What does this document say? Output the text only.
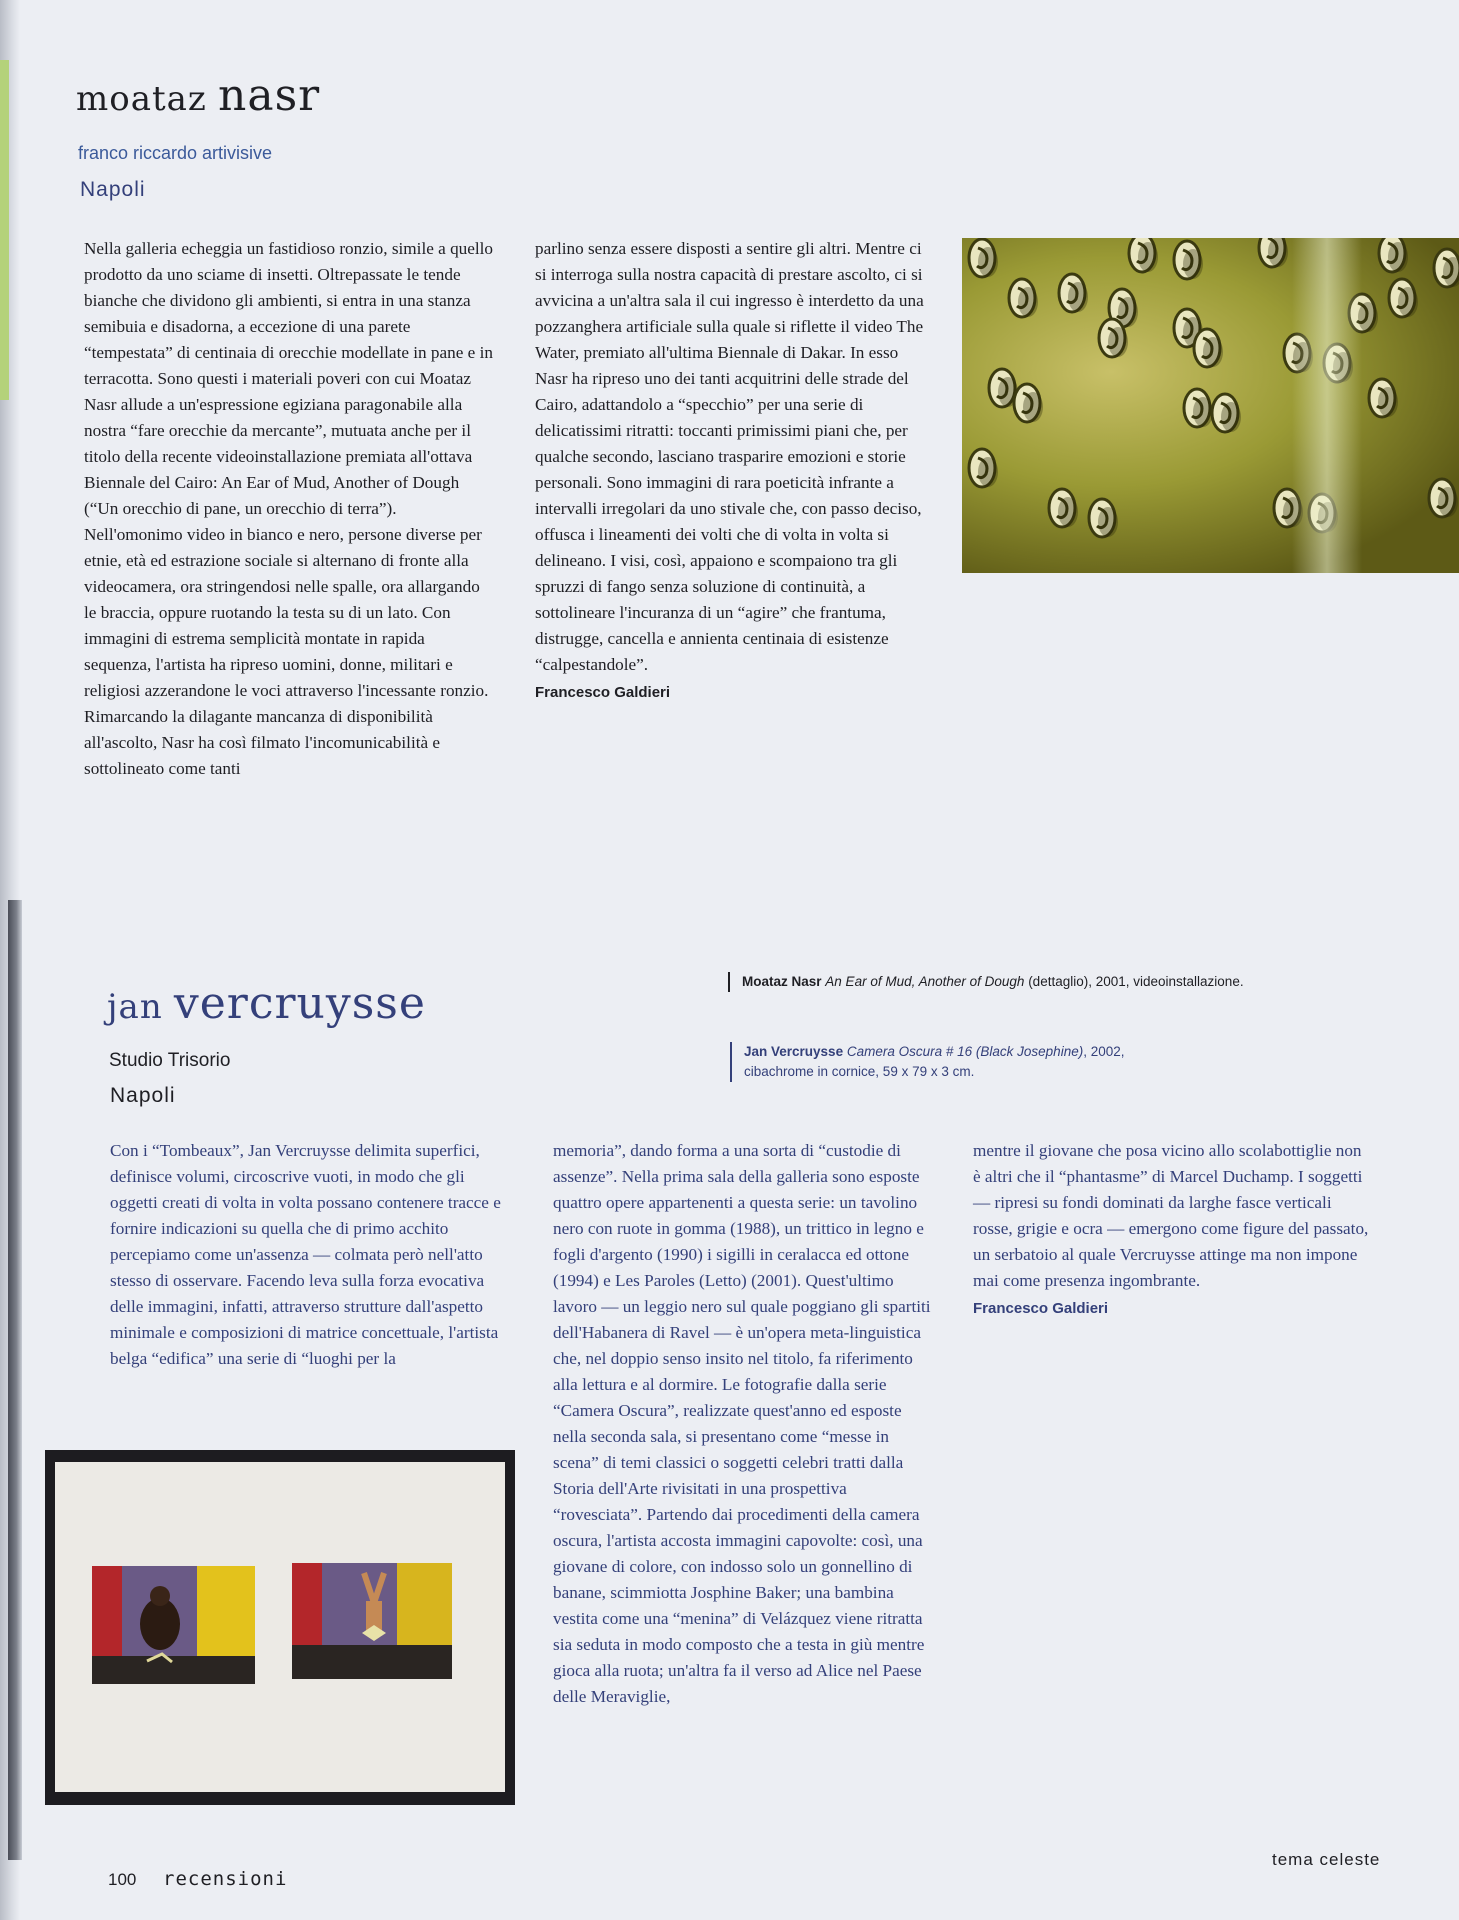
moataz nasr
franco riccardo artivisive
Napoli

Nella galleria echeggia un fastidioso ronzio, simile a quello prodotto da uno sciame di insetti. Oltrepassate le tende bianche che dividono gli ambienti, si entra in una stanza semibuia e disadorna, a eccezione di una parete “tempestata” di centinaia di orecchie modellate in pane e in terracotta. Sono questi i materiali poveri con cui Moataz Nasr allude a un'espressione egiziana paragonabile alla nostra “fare orecchie da mercante”, mutuata anche per il titolo della recente videoinstallazione premiata all'ottava Biennale del Cairo: An Ear of Mud, Another of Dough (“Un orecchio di pane, un orecchio di terra”). Nell'omonimo video in bianco e nero, persone diverse per etnie, età ed estrazione sociale si alternano di fronte alla videocamera, ora stringendosi nelle spalle, ora allargando le braccia, oppure ruotando la testa su di un lato. Con immagini di estrema semplicità montate in rapida sequenza, l'artista ha ripreso uomini, donne, militari e religiosi azzerandone le voci attraverso l'incessante ronzio. Rimarcando la dilagante mancanza di disponibilità all'ascolto, Nasr ha così filmato l'incomunicabilità e sottolineato come tanti

parlino senza essere disposti a sentire gli altri. Mentre ci si interroga sulla nostra capacità di prestare ascolto, ci si avvicina a un'altra sala il cui ingresso è interdetto da una pozzanghera artificiale sulla quale si riflette il video The Water, premiato all'ultima Biennale di Dakar. In esso Nasr ha ripreso uno dei tanti acquitrini delle strade del Cairo, adattandolo a “specchio” per una serie di delicatissimi ritratti: toccanti primissimi piani che, per qualche secondo, lasciano trasparire emozioni e storie personali. Sono immagini di rara poeticità infrante a intervalli irregolari da uno stivale che, con passo deciso, offusca i lineamenti dei volti che di volta in volta si delineano. I visi, così, appaiono e scompaiono tra gli spruzzi di fango senza soluzione di continuità, a sottolineare l'incuranza di un “agire” che frantuma, distrugge, cancella e annienta centinaia di esistenze “calpestandole”.

Francesco Galdieri
Moataz Nasr An Ear of Mud, Another of Dough (dettaglio), 2001, videoinstallazione.
jan vercruysse
Studio Trisorio
Napoli
Jan Vercruysse Camera Oscura # 16 (Black Josephine), 2002,
cibachrome in cornice, 59 x 79 x 3 cm.

Con i “Tombeaux”, Jan Vercruysse delimita superfici, definisce volumi, circoscrive vuoti, in modo che gli oggetti creati di volta in volta possano contenere tracce e fornire indicazioni su quella che di primo acchito percepiamo come un'assenza — colmata però nell'atto stesso di osservare. Facendo leva sulla forza evocativa delle immagini, infatti, attraverso strutture dall'aspetto minimale e composizioni di matrice concettuale, l'artista belga “edifica” una serie di “luoghi per la

memoria”, dando forma a una sorta di “custodie di assenze”. Nella prima sala della galleria sono esposte quattro opere appartenenti a questa serie: un tavolino nero con ruote in gomma (1988), un trittico in legno e fogli d'argento (1990) i sigilli in ceralacca ed ottone (1994) e Les Paroles (Letto) (2001). Quest'ultimo lavoro — un leggio nero sul quale poggiano gli spartiti dell'Habanera di Ravel — è un'opera meta-linguistica che, nel doppio senso insito nel titolo, fa riferimento alla lettura e al dormire. Le fotografie dalla serie “Camera Oscura”, realizzate quest'anno ed esposte nella seconda sala, si presentano come “messe in scena” di temi classici o soggetti celebri tratti dalla Storia dell'Arte rivisitati in una prospettiva “rovesciata”. Partendo dai procedimenti della camera oscura, l'artista accosta immagini capovolte: così, una giovane di colore, con indosso solo un gonnellino di banane, scimmiotta Josphine Baker; una bambina vestita come una “menina” di Velázquez viene ritratta sia seduta in modo composto che a testa in giù mentre gioca alla ruota; un'altra fa il verso ad Alice nel Paese delle Meraviglie,

mentre il giovane che posa vicino allo scolabottiglie non è altri che il “phantasme” di Marcel Duchamp. I soggetti — ripresi su fondi dominati da larghe fasce verticali rosse, grigie e ocra — emergono come figure del passato, un serbatoio al quale Vercruysse attinge ma non impone mai come presenza ingombrante.

Francesco Galdieri
100 recensioni
tema celeste
